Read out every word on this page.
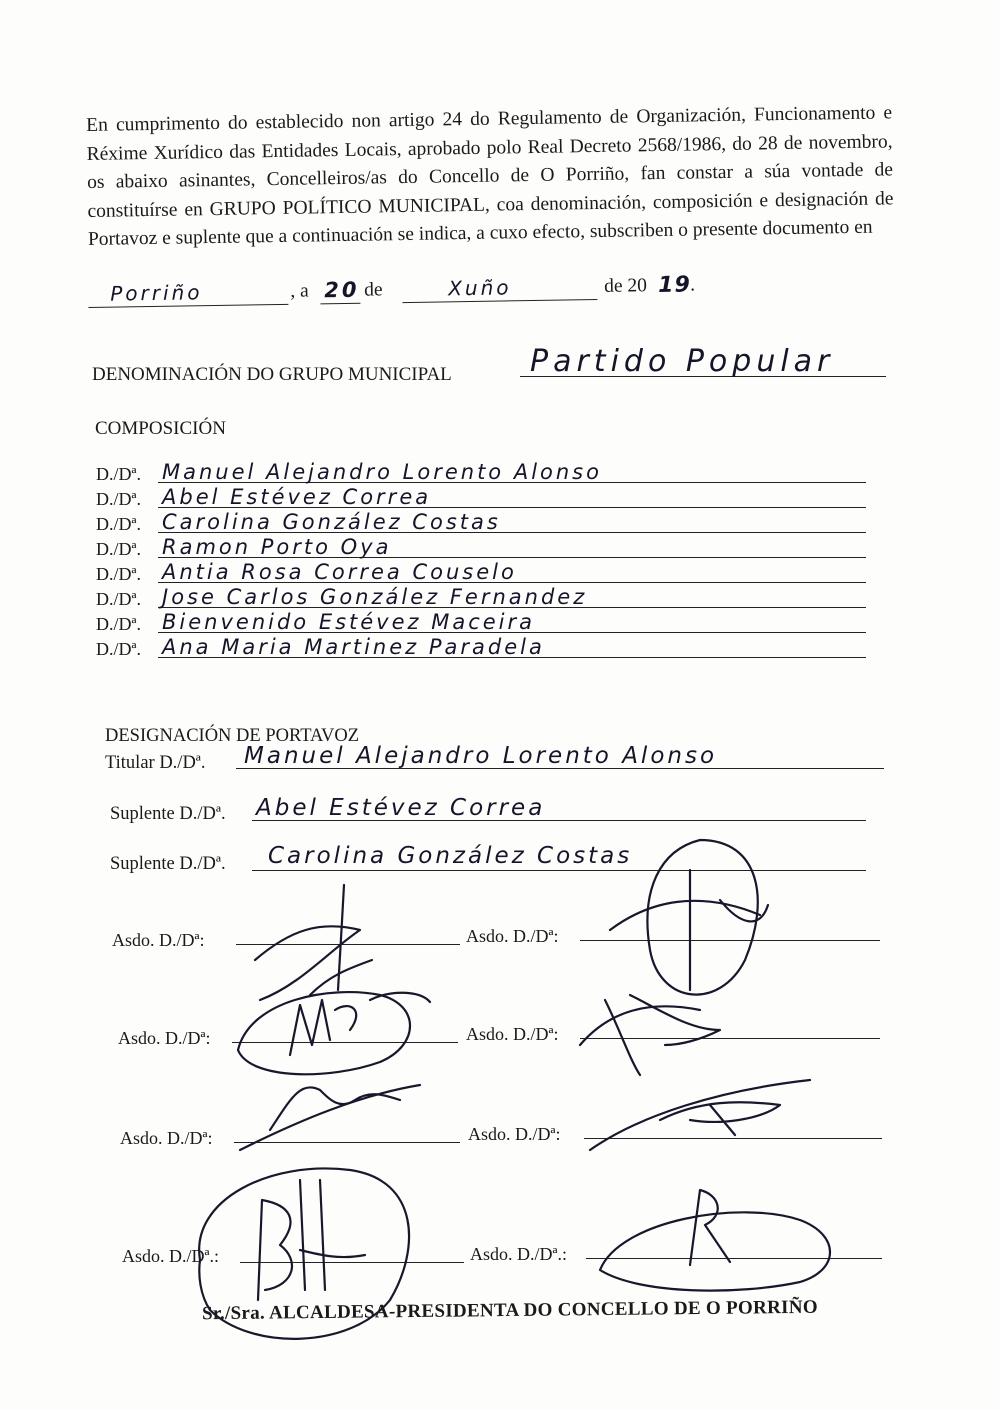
En cumprimento do establecido non artigo 24 do Regulamento de Organización, Funcionamento e Réxime Xurídico das Entidades Locais, aprobado polo Real Decreto 2568/1986, do 28 de novembro, os abaixo asinantes, Concelleiros/as do Concello de O Porriño, fan constar a súa vontade de constituírse en GRUPO POLÍTICO MUNICIPAL, coa denominación, composición e designación de Portavoz e suplente que a continuación se indica, a cuxo efecto, subscriben o presente documento en

Porriño	, a 20 de	Xuño	de 20 19 .
DENOMINACIÓN DO GRUPO MUNICIPAL	Partido Popular
COMPOSICIÓN
D./Dª. Manuel Alejandro Lorento Alonso
D./Dª. Abel Estévez Correa
D./Dª. Carolina González Costas
D./Dª. Ramon Porto Oya
D./Dª. Antia Rosa Correa Couselo
D./Dª. Jose Carlos González Fernandez
D./Dª. Bienvenido Estévez Maceira
D./Dª. Ana Maria Martinez Paradela
DESIGNACIÓN DE PORTAVOZ
Titular D./Dª. Manuel Alejandro Lorento Alonso
Suplente D./Dª. Abel Estévez Correa
Suplente D./Dª. Carolina González Costas
Asdo. D./Dª:	Asdo. D./Dª:
Asdo. D./Dª:	Asdo. D./Dª:
Asdo. D./Dª:	Asdo. D./Dª:
Asdo. D./Dª.:	Asdo. D./Dª.:
Sr./Sra. ALCALDESA-PRESIDENTA DO CONCELLO DE O PORRIÑO
